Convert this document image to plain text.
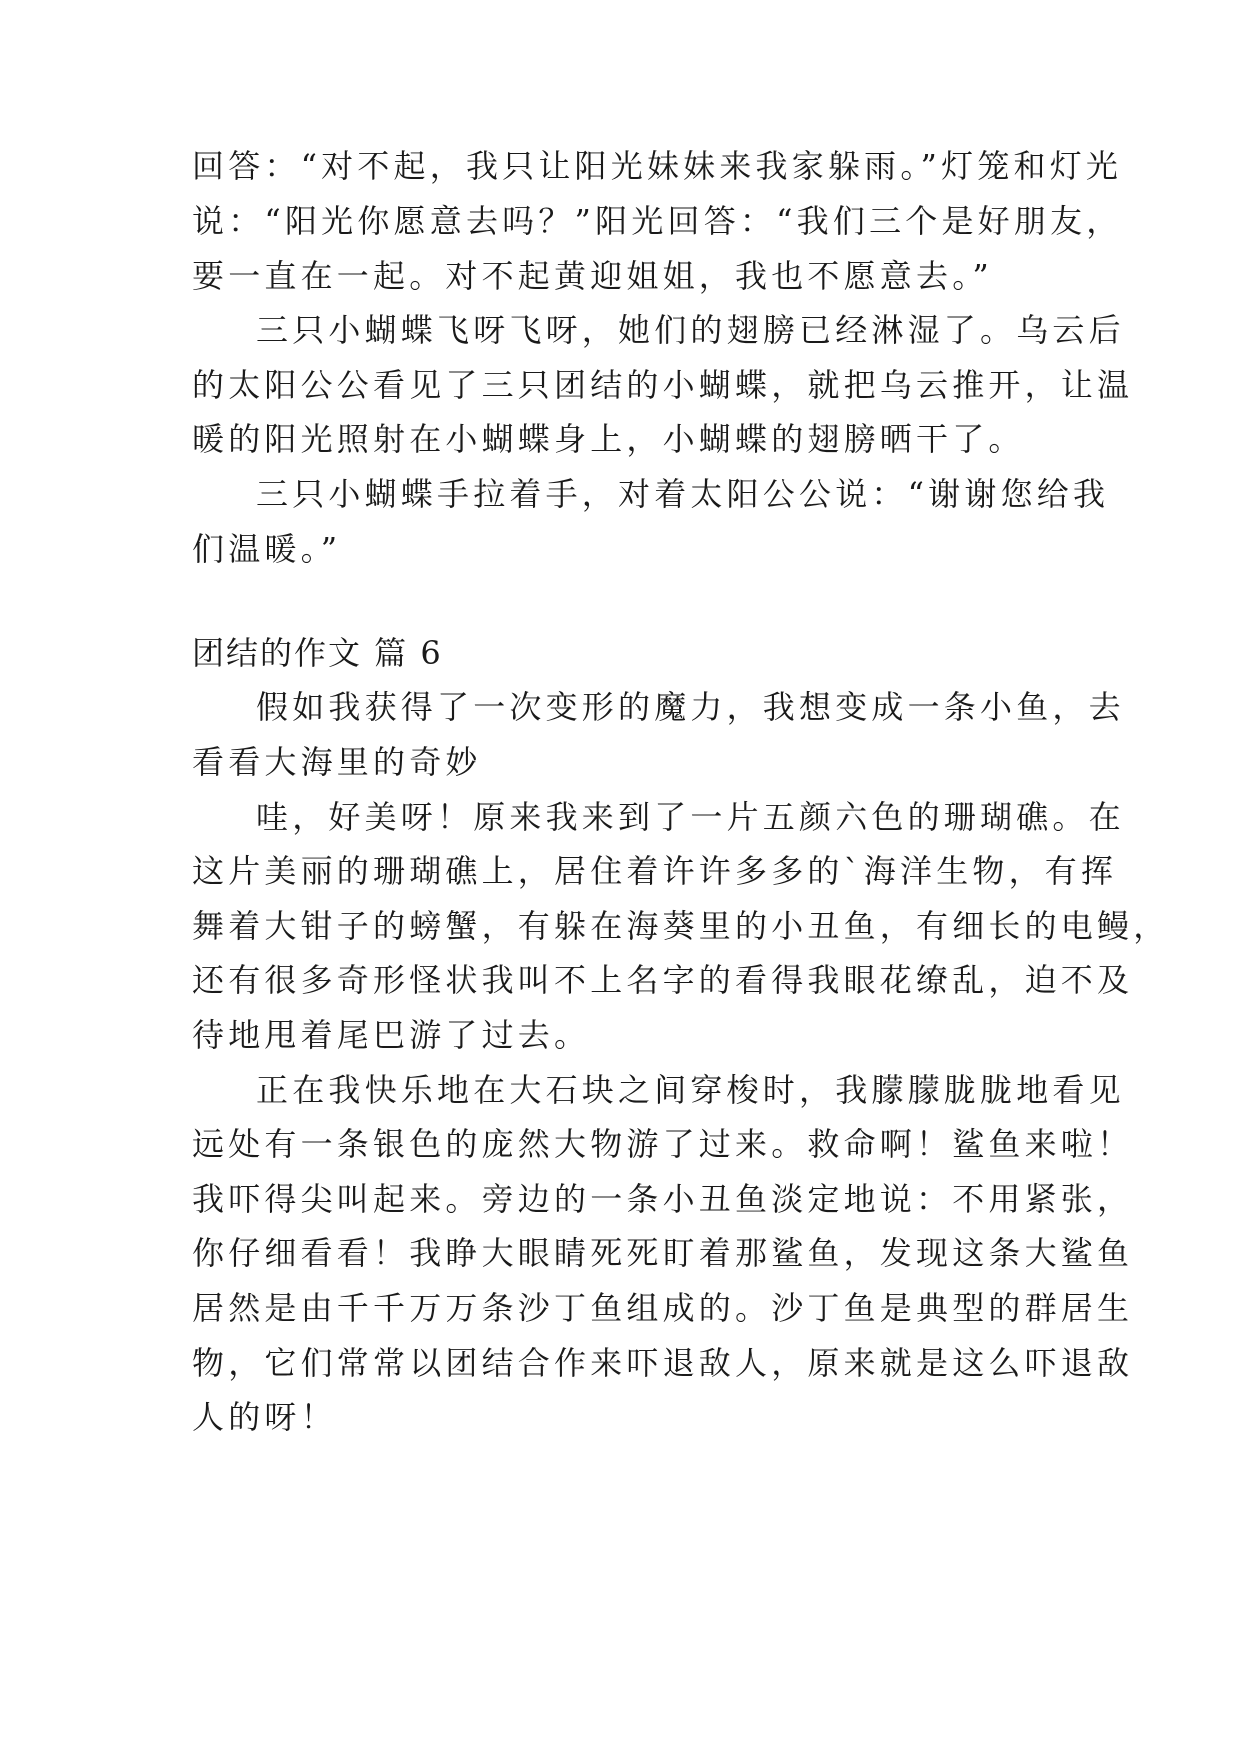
回答：“对不起，我只让阳光妹妹来我家躲雨。”灯笼和灯光
说：“阳光你愿意去吗？”阳光回答：“我们三个是好朋友，
要一直在一起。对不起黄迎姐姐，我也不愿意去。”
三只小蝴蝶飞呀飞呀，她们的翅膀已经淋湿了。乌云后
的太阳公公看见了三只团结的小蝴蝶，就把乌云推开，让温
暖的阳光照射在小蝴蝶身上，小蝴蝶的翅膀晒干了。
三只小蝴蝶手拉着手，对着太阳公公说：“谢谢您给我
们温暖。”
团结的作文 篇 6
假如我获得了一次变形的魔力，我想变成一条小鱼，去
看看大海里的奇妙
哇，好美呀！原来我来到了一片五颜六色的珊瑚礁。在
这片美丽的珊瑚礁上，居住着许许多多的`海洋生物，有挥
舞着大钳子的螃蟹，有躲在海葵里的小丑鱼，有细长的电鳗，
还有很多奇形怪状我叫不上名字的看得我眼花缭乱，迫不及
待地甩着尾巴游了过去。
正在我快乐地在大石块之间穿梭时，我朦朦胧胧地看见
远处有一条银色的庞然大物游了过来。救命啊！鲨鱼来啦！
我吓得尖叫起来。旁边的一条小丑鱼淡定地说：不用紧张，
你仔细看看！我睁大眼睛死死盯着那鲨鱼，发现这条大鲨鱼
居然是由千千万万条沙丁鱼组成的。沙丁鱼是典型的群居生
物，它们常常以团结合作来吓退敌人，原来就是这么吓退敌
人的呀！
